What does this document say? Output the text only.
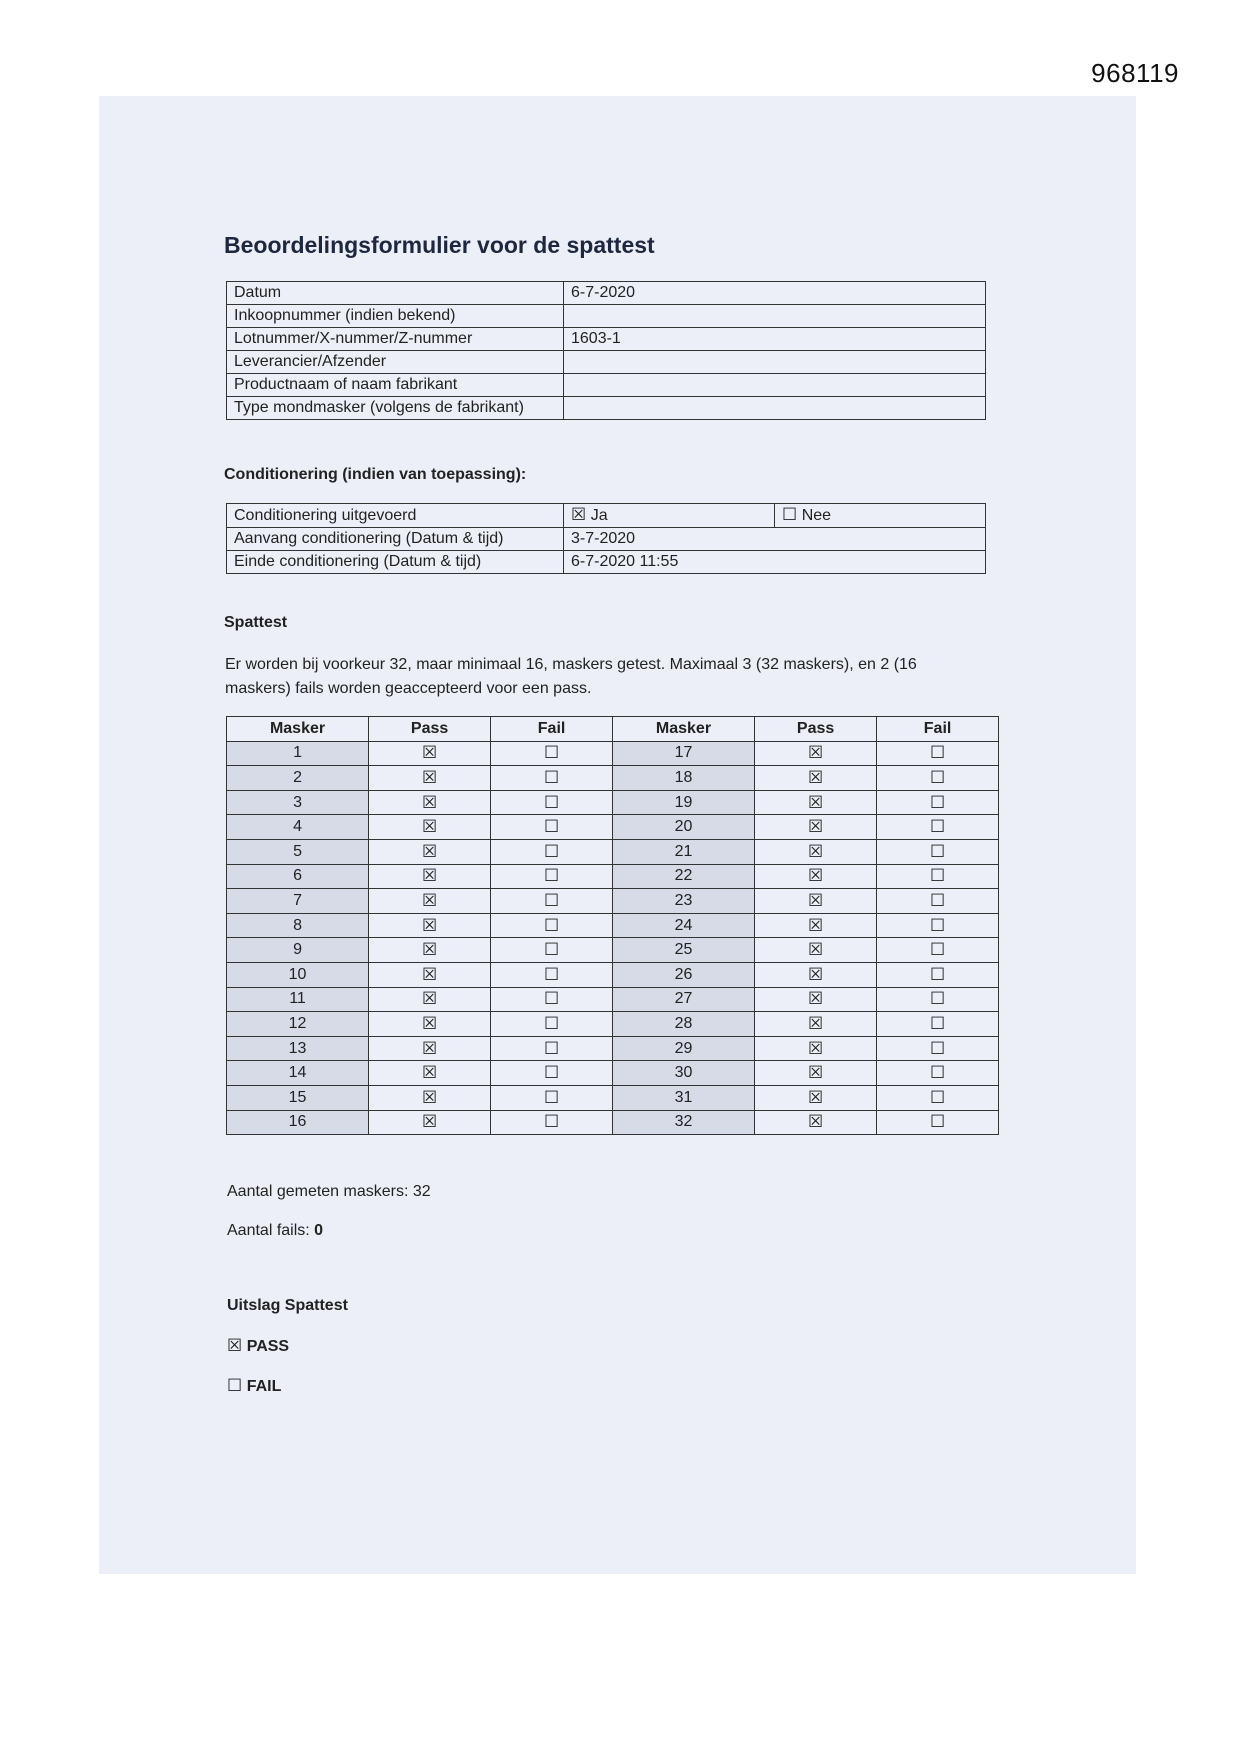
968119
Beoordelingsformulier voor de spattest
Datum	6-7-2020
Inkoopnummer (indien bekend)	
Lotnummer/X-nummer/Z-nummer	1603-1
Leverancier/Afzender	
Productnaam of naam fabrikant	
Type mondmasker (volgens de fabrikant)	
Conditionering (indien van toepassing):
Conditionering uitgevoerd	☒ Ja	☐ Nee
Aanvang conditionering (Datum & tijd)	3-7-2020	
Einde conditionering (Datum & tijd)	6-7-2020 11:55	
Spattest
Er worden bij voorkeur 32, maar minimaal 16, maskers getest. Maximaal 3 (32 maskers), en 2 (16 maskers) fails worden geaccepteerd voor een pass.
Masker	Pass	Fail	Masker	Pass	Fail
1	☒	☐	17	☒	☐
2	☒	☐	18	☒	☐
3	☒	☐	19	☒	☐
4	☒	☐	20	☒	☐
5	☒	☐	21	☒	☐
6	☒	☐	22	☒	☐
7	☒	☐	23	☒	☐
8	☒	☐	24	☒	☐
9	☒	☐	25	☒	☐
10	☒	☐	26	☒	☐
11	☒	☐	27	☒	☐
12	☒	☐	28	☒	☐
13	☒	☐	29	☒	☐
14	☒	☐	30	☒	☐
15	☒	☐	31	☒	☐
16	☒	☐	32	☒	☐
Aantal gemeten maskers: 32
Aantal fails: 0
Uitslag Spattest
☒ PASS
☐ FAIL
